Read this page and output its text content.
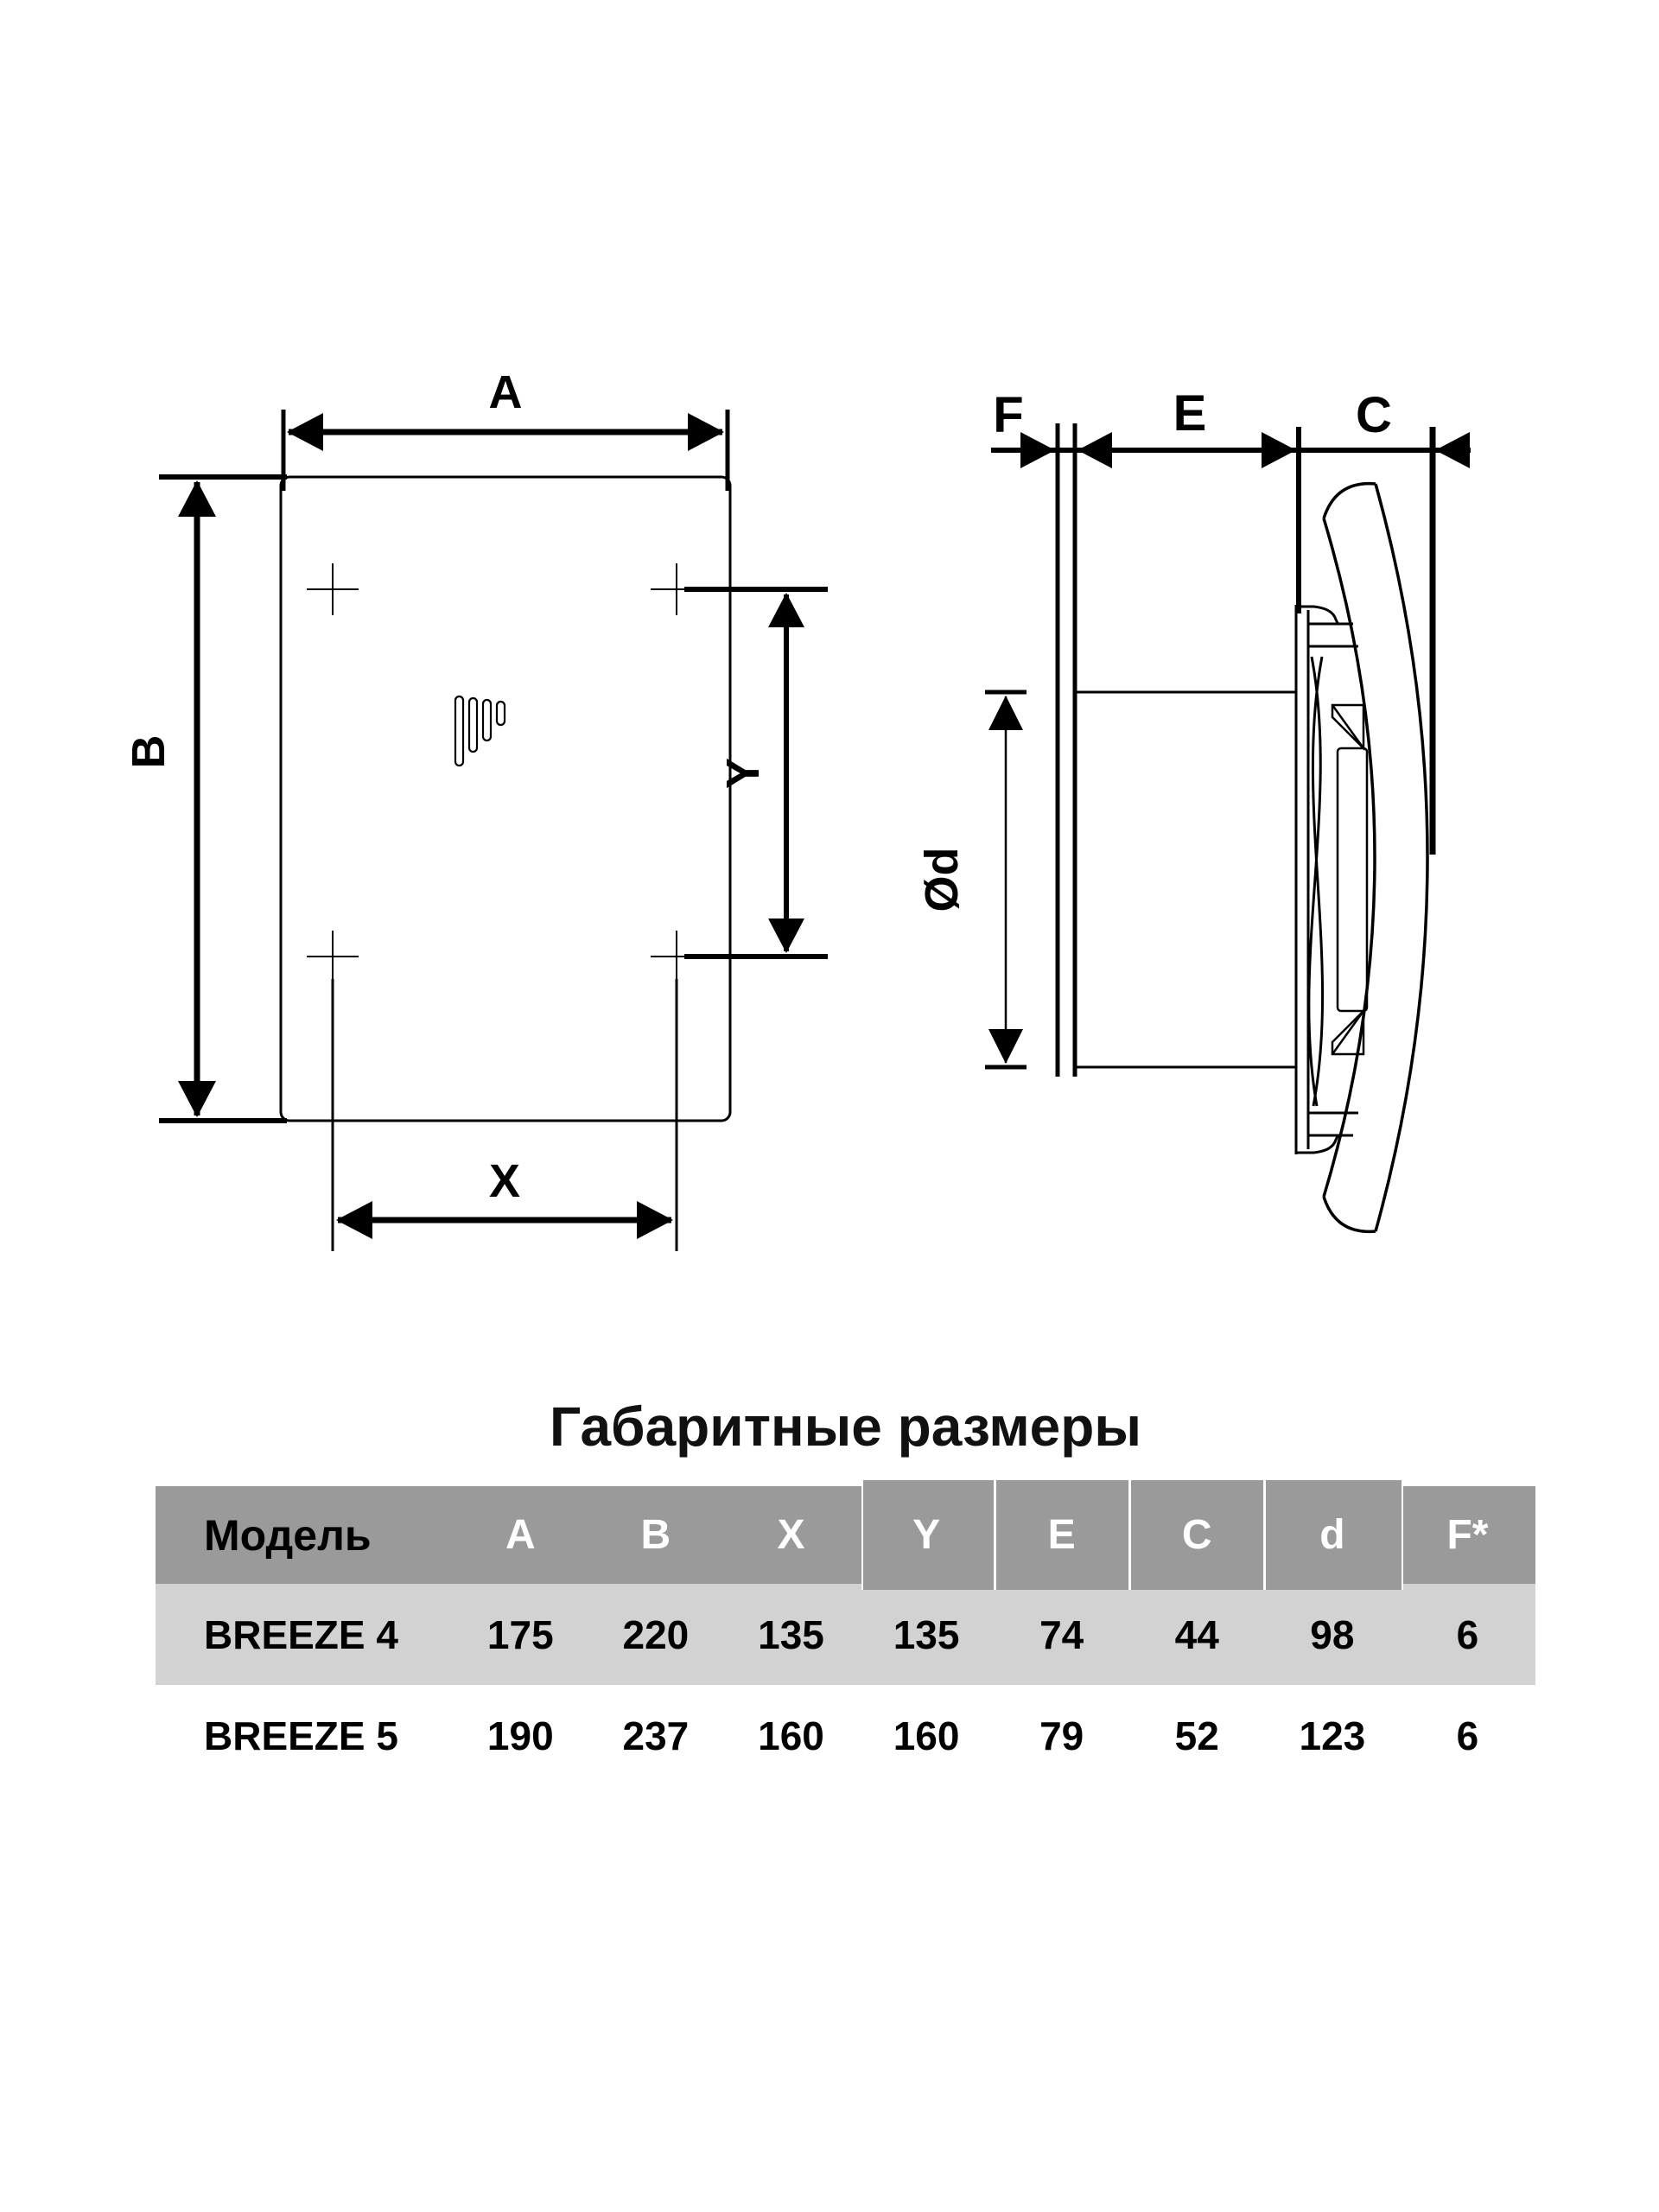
A
B
Y
X
F	E	C
Ød
Габаритные размеры
Модель	A	B	X	Y	E	C	d	F*
BREEZE 4	175	220	135	135	74	44	98	6
BREEZE 5	190	237	160	160	79	52	123	6
